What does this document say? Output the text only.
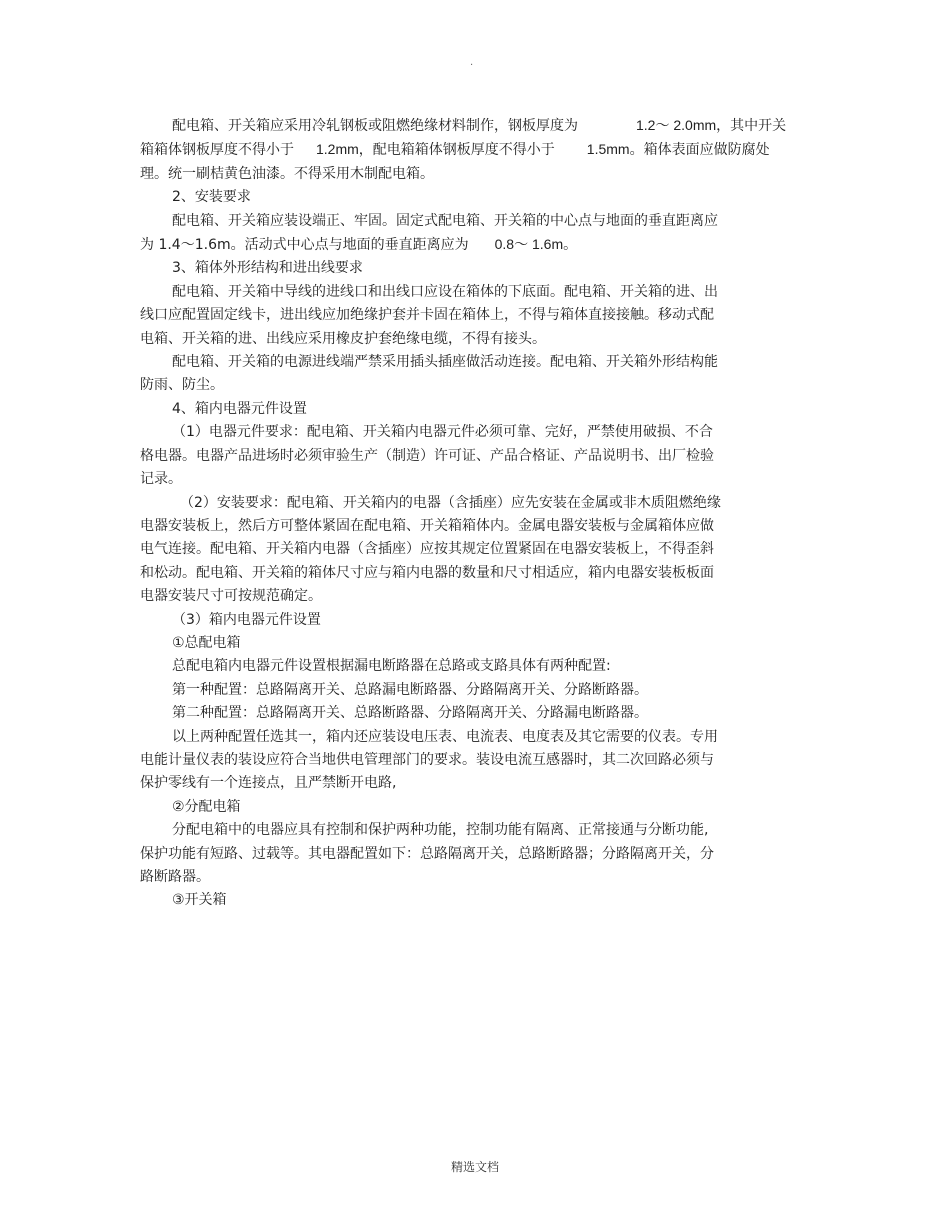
·
配电箱、开关箱应采用冷轧钢板或阻燃绝缘材料制作，钢板厚度为	1.2～ 2.0mm，其中开关
箱箱体钢板厚度不得小于 1.2mm，配电箱箱体钢板厚度不得小于 1.5mm。箱体表面应做防腐处
理。统一刷桔黄色油漆。不得采用木制配电箱。
2、安装要求
配电箱、开关箱应装设端正、牢固。固定式配电箱、开关箱的中心点与地面的垂直距离应
为 1.4～1.6m。活动式中心点与地面的垂直距离应为 0.8～ 1.6m。
3、箱体外形结构和进出线要求
配电箱、开关箱中导线的进线口和出线口应设在箱体的下底面。配电箱、开关箱的进、出
线口应配置固定线卡，进出线应加绝缘护套并卡固在箱体上，不得与箱体直接接触。移动式配
电箱、开关箱的进、出线应采用橡皮护套绝缘电缆，不得有接头。
配电箱、开关箱的电源进线端严禁采用插头插座做活动连接。配电箱、开关箱外形结构能
防雨、防尘。
4、箱内电器元件设置
（1）电器元件要求：配电箱、开关箱内电器元件必须可靠、完好，严禁使用破损、不合
格电器。电器产品进场时必须审验生产（制造）许可证、产品合格证、产品说明书、出厂检验
记录。
（2）安装要求：配电箱、开关箱内的电器（含插座）应先安装在金属或非木质阻燃绝缘
电器安装板上，然后方可整体紧固在配电箱、开关箱箱体内。金属电器安装板与金属箱体应做
电气连接。配电箱、开关箱内电器（含插座）应按其规定位置紧固在电器安装板上，不得歪斜
和松动。配电箱、开关箱的箱体尺寸应与箱内电器的数量和尺寸相适应，箱内电器安装板板面
电器安装尺寸可按规范确定。
（3）箱内电器元件设置
①总配电箱
总配电箱内电器元件设置根据漏电断路器在总路或支路具体有两种配置:
第一种配置：总路隔离开关、总路漏电断路器、分路隔离开关、分路断路器。
第二种配置：总路隔离开关、总路断路器、分路隔离开关、分路漏电断路器。
以上两种配置任选其一，箱内还应装设电压表、电流表、电度表及其它需要的仪表。专用
电能计量仪表的装设应符合当地供电管理部门的要求。装设电流互感器时，其二次回路必须与
保护零线有一个连接点，且严禁断开电路,
②分配电箱
分配电箱中的电器应具有控制和保护两种功能，控制功能有隔离、正常接通与分断功能,
保护功能有短路、过载等。其电器配置如下：总路隔离开关，总路断路器；分路隔离开关，分
路断路器。
③开关箱
精选文档
